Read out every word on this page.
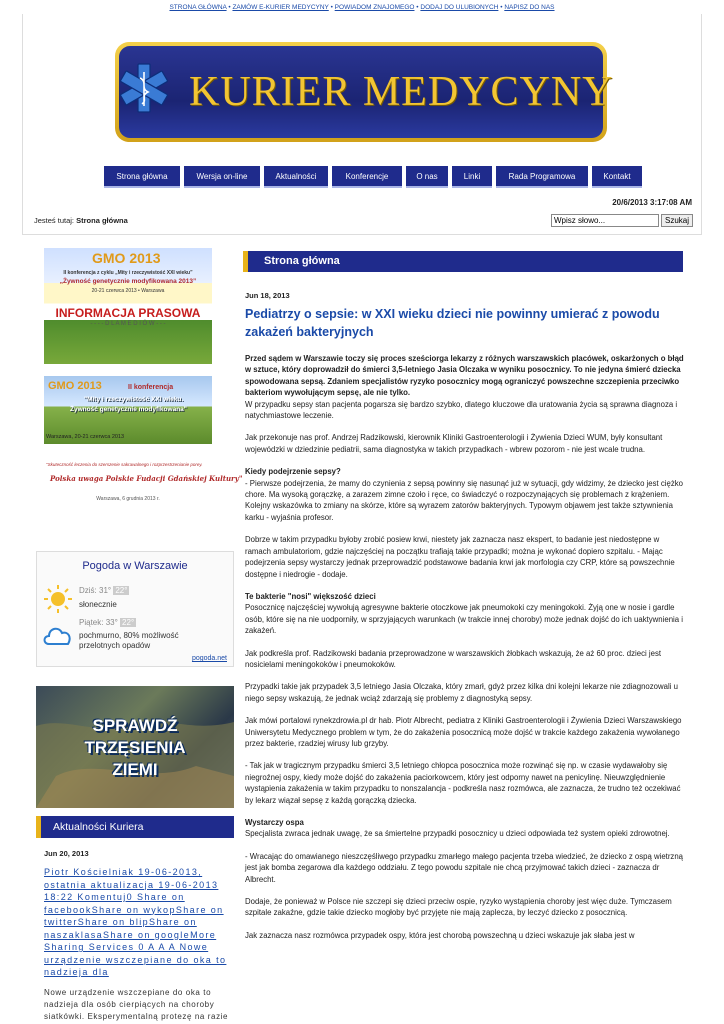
STRONA GŁÓWNA • ZAMÓW E-KURIER MEDYCYNY • POWIADOM ZNAJOMEGO • DODAJ DO ULUBIONYCH • NAPISZ DO NAS
KURIER MEDYCYNY
Strona główna	Wersja on-line	Aktualności	Konferencje	O nas	Linki	Rada Programowa	Kontakt
20/6/2013 3:17:08 AM
Jesteś tutaj: Strona główna
Wpisz słowo...	Szukaj
GMO 2013
II konferencja z cyklu „Mity i rzeczywistość XXI wieku”
„Żywność genetycznie modyfikowana 2013”
20-21 czerwca 2013 • Warszawa
INFORMACJA PRASOWA
- - - - D L A M E D I Ó W - - -
GMO 2013	II konferencja
"Mity i rzeczywistość XXI wieku.
Żywność genetycznie modyfikowana"
Warszawa, 20-21 czerwca 2013
"Skuteczność leczenia do szerszenie sakrawalnego i rozprzestrzenianie porey.
Polska uwaga Polskie Fudacji Gdańskiej Kultury"
Warszawa, 6 grudnia 2013 r.
Pogoda w Warszawie
Dziś: 31° 22°
słonecznie
Piątek: 33° 22°
pochmurno, 80% możliwość
przelotnych opadów
pogoda.net
SPRAWDŹ
TRZĘSIENIA
ZIEMI
Aktualności Kuriera
Jun 20, 2013
Piotr Kościelniak 19-06-2013, ostatnia aktualizacja 19-06-2013 18:22 Komentuj0 Share on facebookShare on wykopShare on twitterShare on blipShare on naszaklasaShare on googleMore Sharing Services 0 A A A Nowe urządzenie wszczepiane do oka to nadzieja dla
Nowe urządzenie wszczepiane do oka to nadzieja dla osób cierpiących na choroby siatkówki. Eksperymentalną protezę na razie
Strona główna
Jun 18, 2013
Pediatrzy o sepsie: w XXI wieku dzieci nie powinny umierać z powodu zakażeń bakteryjnych

Przed sądem w Warszawie toczy się proces sześciorga lekarzy z różnych warszawskich placówek, oskarżonych o błąd w sztuce, który doprowadził do śmierci 3,5-letniego Jasia Olczaka w wyniku posocznicy. To nie jedyna śmierć dziecka spowodowana sepsą. Zdaniem specjalistów ryzyko posocznicy mogą ograniczyć powszechne szczepienia przeciwko bakteriom wywołującym sepsę, ale nie tylko.
W przypadku sepsy stan pacjenta pogarsza się bardzo szybko, dlatego kluczowe dla uratowania życia są sprawna diagnoza i natychmiastowe leczenie.

Jak przekonuje nas prof. Andrzej Radzikowski, kierownik Kliniki Gastroenterologii i Żywienia Dzieci WUM, były konsultant wojewódzki w dziedzinie pediatrii, sama diagnostyka w takich przypadkach - wbrew pozorom - nie jest wcale trudna.

Kiedy podejrzenie sepsy?
- Pierwsze podejrzenia, że mamy do czynienia z sepsą powinny się nasunąć już w sytuacji, gdy widzimy, że dziecko jest ciężko chore. Ma wysoką gorączkę, a zarazem zimne czoło i ręce, co świadczyć o rozpoczynających się problemach z krążeniem. Kolejny wskazówka to zmiany na skórze, które są wyrazem zatorów bakteryjnych. Typowym objawem jest także sztywnienia karku - wyjaśnia profesor.

Dobrze w takim przypadku byłoby zrobić posiew krwi, niestety jak zaznacza nasz ekspert, to badanie jest niedostępne w ramach ambulatoriom, gdzie najczęściej na początku trafiają takie przypadki; można je wykonać dopiero szpitalu. - Mając podejrzenia sepsy wystarczy jednak przeprowadzić podstawowe badania krwi jak morfologia czy CRP, które są powszechnie dostępne i niedrogie - dodaje.

Te bakterie "nosi" większość dzieci
Posocznicę najczęściej wywołują agresywne bakterie otoczkowe jak pneumokoki czy meningokoki. Żyją one w nosie i gardle osób, które się na nie uodporniły, w sprzyjających warunkach (w trakcie innej choroby) może jednak dojść do ich uaktywnienia i zakażeń.

Jak podkreśla prof. Radzikowski badania przeprowadzone w warszawskich żłobkach wskazują, że aż 60 proc. dzieci jest nosicielami meningokoków i pneumokoków.

Przypadki takie jak przypadek 3,5 letniego Jasia Olczaka, który zmarł, gdyż przez kilka dni kolejni lekarze nie zdiagnozowali u niego sepsy wskazują, że jednak wciąż zdarzają się problemy z diagnostyką sepsy.

Jak mówi portalowi rynekzdrowia.pl dr hab. Piotr Albrecht, pediatra z Kliniki Gastroenterologii i Żywienia Dzieci Warszawskiego Uniwersytetu Medycznego problem w tym, że do zakażenia posocznicą może dojść w trakcie każdego zakażenia wywołanego przez bakterie, rzadziej wirusy lub grzyby.

- Tak jak w tragicznym przypadku śmierci 3,5 letniego chłopca posocznica może rozwinąć się np. w czasie wydawałoby się niegroźnej ospy, kiedy może dojść do zakażenia paciorkowcem, który jest odporny nawet na penicylinę. Nieuwzględnienie wystąpienia zakażenia w takim przypadku to nonszalancja - podkreśla nasz rozmówca, ale zaznacza, że trudno też oczekiwać by lekarz wiązał sepsę z każdą gorączką dziecka.

Wystarczy ospa
Specjalista zwraca jednak uwagę, że sa śmiertelne przypadki posocznicy u dzieci odpowiada też system opieki zdrowotnej.

- Wracając do omawianego nieszczęśliwego przypadku zmarłego małego pacjenta trzeba wiedzieć, że dziecko z ospą wietrzną jest jak bomba zegarowa dla każdego oddziału. Z tego powodu szpitale nie chcą przyjmować takich dzieci - zaznacza dr Albrecht.

Dodaje, że ponieważ w Polsce nie szczepi się dzieci przeciw ospie, ryzyko wystąpienia choroby jest więc duże. Tymczasem szpitale zakaźne, gdzie takie dziecko mogłoby być przyjęte nie mają zaplecza, by leczyć dziecko z posocznicą.

Jak zaznacza nasz rozmówca przypadek ospy, która jest chorobą powszechną u dzieci wskazuje jak słaba jest w
